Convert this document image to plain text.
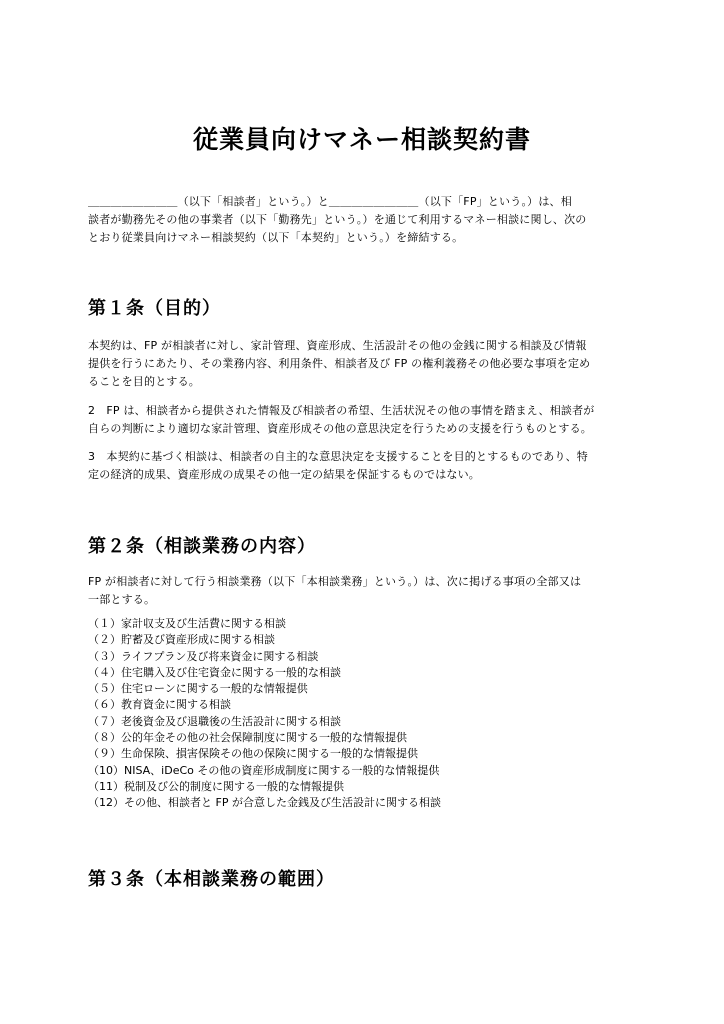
従業員向けマネー相談契約書
＿＿＿＿＿＿＿＿（以下「相談者」という。）と＿＿＿＿＿＿＿＿（以下「FP」という。）は、相
談者が勤務先その他の事業者（以下「勤務先」という。）を通じて利用するマネー相談に関し、次の
とおり従業員向けマネー相談契約（以下「本契約」という。）を締結する。
第１条（目的）
本契約は、FP が相談者に対し、家計管理、資産形成、生活設計その他の金銭に関する相談及び情報
提供を行うにあたり、その業務内容、利用条件、相談者及び FP の権利義務その他必要な事項を定め
ることを目的とする。
2　FP は、相談者から提供された情報及び相談者の希望、生活状況その他の事情を踏まえ、相談者が
自らの判断により適切な家計管理、資産形成その他の意思決定を行うための支援を行うものとする。
3　本契約に基づく相談は、相談者の自主的な意思決定を支援することを目的とするものであり、特
定の経済的成果、資産形成の成果その他一定の結果を保証するものではない。
第２条（相談業務の内容）
FP が相談者に対して行う相談業務（以下「本相談業務」という。）は、次に掲げる事項の全部又は
一部とする。
（１）家計収支及び生活費に関する相談
（２）貯蓄及び資産形成に関する相談
（３）ライフプラン及び将来資金に関する相談
（４）住宅購入及び住宅資金に関する一般的な相談
（５）住宅ローンに関する一般的な情報提供
（６）教育資金に関する相談
（７）老後資金及び退職後の生活設計に関する相談
（８）公的年金その他の社会保障制度に関する一般的な情報提供
（９）生命保険、損害保険その他の保険に関する一般的な情報提供
（10）NISA、iDeCo その他の資産形成制度に関する一般的な情報提供
（11）税制及び公的制度に関する一般的な情報提供
（12）その他、相談者と FP が合意した金銭及び生活設計に関する相談
第３条（本相談業務の範囲）
